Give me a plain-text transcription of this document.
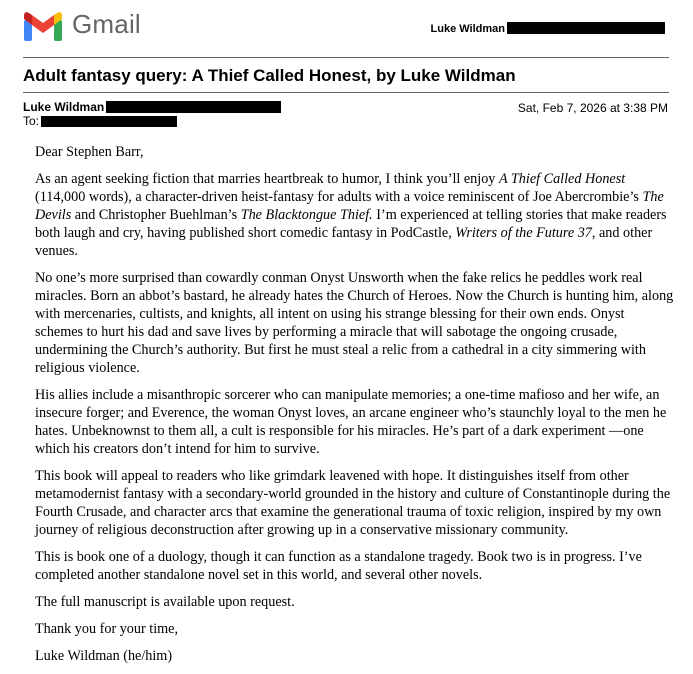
Gmail	Luke Wildman
Adult fantasy query: A Thief Called Honest, by Luke Wildman
Luke Wildman	Sat, Feb 7, 2026 at 3:38 PM
To:

Dear Stephen Barr,

As an agent seeking fiction that marries heartbreak to humor, I think you’ll enjoy A Thief Called Honest (114,000 words), a character-driven heist-fantasy for adults with a voice reminiscent of Joe Abercrombie’s The Devils and Christopher Buehlman’s The Blacktongue Thief. I’m experienced at telling stories that make readers both laugh and cry, having published short comedic fantasy in PodCastle, Writers of the Future 37, and other venues.

No one’s more surprised than cowardly conman Onyst Unsworth when the fake relics he peddles work real miracles. Born an abbot’s bastard, he already hates the Church of Heroes. Now the Church is hunting him, along with mercenaries, cultists, and knights, all intent on using his strange blessing for their own ends. Onyst schemes to hurt his dad and save lives by performing a miracle that will sabotage the ongoing crusade, undermining the Church’s authority. But first he must steal a relic from a cathedral in a city simmering with religious violence.

His allies include a misanthropic sorcerer who can manipulate memories; a one-time mafioso and her wife, an insecure forger; and Everence, the woman Onyst loves, an arcane engineer who’s staunchly loyal to the men he hates. Unbeknownst to them all, a cult is responsible for his miracles. He’s part of a dark experiment —one which his creators don’t intend for him to survive.

This book will appeal to readers who like grimdark leavened with hope. It distinguishes itself from other metamodernist fantasy with a secondary-world grounded in the history and culture of Constantinople during the Fourth Crusade, and character arcs that examine the generational trauma of toxic religion, inspired by my own journey of religious deconstruction after growing up in a conservative missionary community.

This is book one of a duology, though it can function as a standalone tragedy. Book two is in progress. I’ve completed another standalone novel set in this world, and several other novels.

The full manuscript is available upon request.

Thank you for your time,

Luke Wildman (he/him)
